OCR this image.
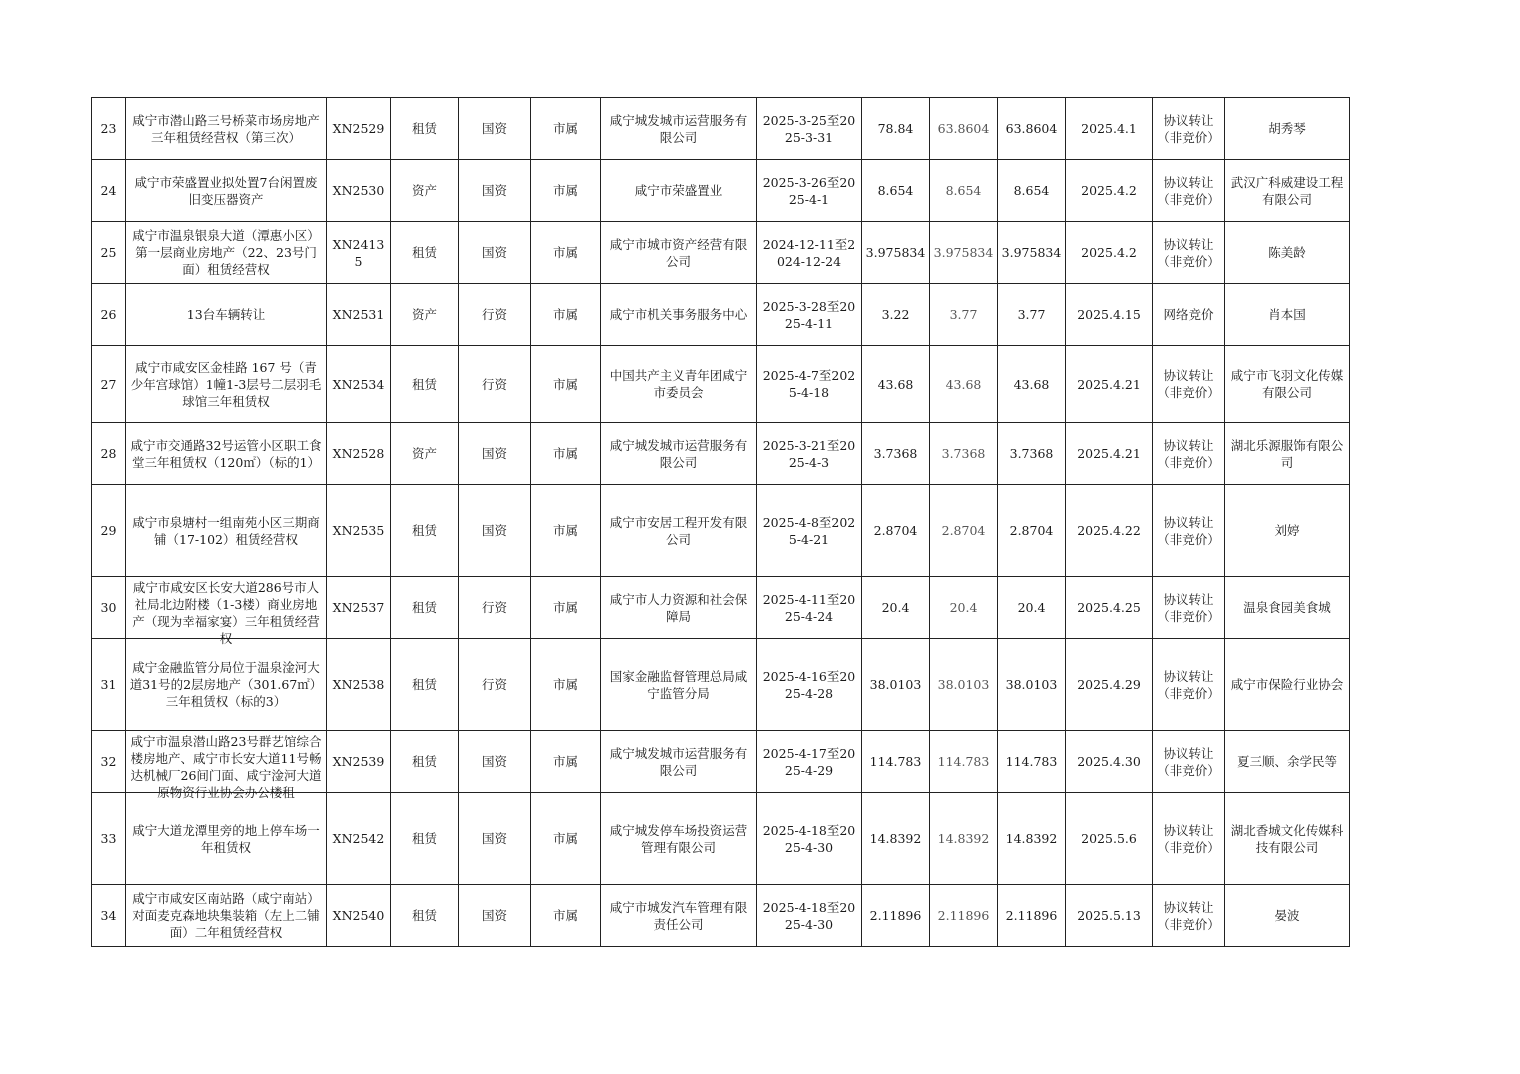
23	咸宁市潜山路三号桥菜市场房地产三年租赁经营权（第三次）	XN2529	租赁	国资	市属	咸宁城发城市运营服务有限公司	2025-3-25至2025-3-31	78.84	63.8604	63.8604	2025.4.1	协议转让（非竞价）	胡秀琴

24	咸宁市荣盛置业拟处置7台闲置废旧变压器资产	XN2530	资产	国资	市属	咸宁市荣盛置业	2025-3-26至2025-4-1	8.654	8.654	8.654	2025.4.2	协议转让（非竞价）	武汉广科威建设工程有限公司

25	咸宁市温泉银泉大道（潭惠小区）第一层商业房地产（22、23号门面）租赁经营权	XN24135	租赁	国资	市属	咸宁市城市资产经营有限公司	2024-12-11至2024-12-24	3.975834	3.975834	3.975834	2025.4.2	协议转让（非竞价）	陈美龄

26	13台车辆转让	XN2531	资产	行资	市属	咸宁市机关事务服务中心	2025-3-28至2025-4-11	3.22	3.77	3.77	2025.4.15	网络竞价	肖本国

27	咸宁市咸安区金桂路 167 号（青少年宫球馆）1幢1-3层号二层羽毛球馆三年租赁权	XN2534	租赁	行资	市属	中国共产主义青年团咸宁市委员会	2025-4-7至2025-4-18	43.68	43.68	43.68	2025.4.21	协议转让（非竞价）	咸宁市飞羽文化传媒有限公司

28	咸宁市交通路32号运管小区职工食堂三年租赁权（120㎡）（标的1）	XN2528	资产	国资	市属	咸宁城发城市运营服务有限公司	2025-3-21至2025-4-3	3.7368	3.7368	3.7368	2025.4.21	协议转让（非竞价）	湖北乐源服饰有限公司

29	咸宁市泉塘村一组南苑小区三期商铺（17-102）租赁经营权	XN2535	租赁	国资	市属	咸宁市安居工程开发有限公司	2025-4-8至2025-4-21	2.8704	2.8704	2.8704	2025.4.22	协议转让（非竞价）	刘婷

30	咸宁市咸安区长安大道286号市人社局北边附楼（1-3楼）商业房地产（现为幸福家宴）三年租赁经营权	XN2537	租赁	行资	市属	咸宁市人力资源和社会保障局	2025-4-11至2025-4-24	20.4	20.4	20.4	2025.4.25	协议转让（非竞价）	温泉食园美食城

31	咸宁金融监管分局位于温泉淦河大道31号的2层房地产（301.67㎡）三年租赁权（标的3）	XN2538	租赁	行资	市属	国家金融监督管理总局咸宁监管分局	2025-4-16至2025-4-28	38.0103	38.0103	38.0103	2025.4.29	协议转让（非竞价）	咸宁市保险行业协会

32	咸宁市温泉潜山路23号群艺馆综合楼房地产、咸宁市长安大道11号畅达机械厂26间门面、咸宁淦河大道原物资行业协会办公楼租	XN2539	租赁	国资	市属	咸宁城发城市运营服务有限公司	2025-4-17至2025-4-29	114.783	114.783	114.783	2025.4.30	协议转让（非竞价）	夏三顺、余学民等

33	咸宁大道龙潭里旁的地上停车场一年租赁权	XN2542	租赁	国资	市属	咸宁城发停车场投资运营管理有限公司	2025-4-18至2025-4-30	14.8392	14.8392	14.8392	2025.5.6	协议转让（非竞价）	湖北香城文化传媒科技有限公司

34	咸宁市咸安区南站路（咸宁南站）对面麦克森地块集装箱（左上二铺面）二年租赁经营权	XN2540	租赁	国资	市属	咸宁市城发汽车管理有限责任公司	2025-4-18至2025-4-30	2.11896	2.11896	2.11896	2025.5.13	协议转让（非竞价）	晏波
